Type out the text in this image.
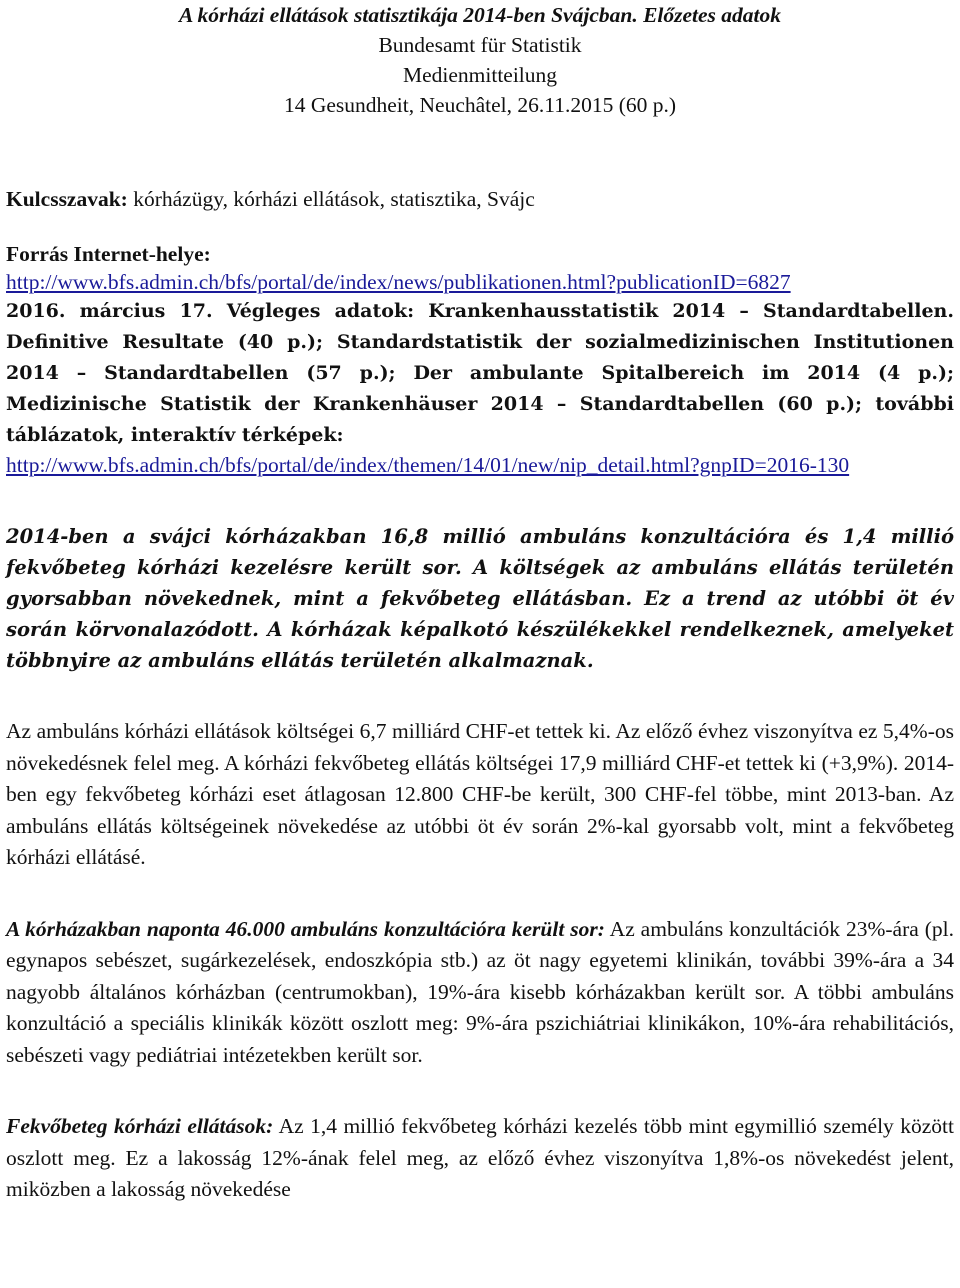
A kórházi ellátások statisztikája 2014-ben Svájcban. Előzetes adatok
Bundesamt für Statistik
Medienmitteilung
14 Gesundheit, Neuchâtel, 26.11.2015 (60 p.)
Kulcsszavak: kórházügy, kórházi ellátások, statisztika, Svájc
Forrás Internet-helye:
http://www.bfs.admin.ch/bfs/portal/de/index/news/publikationen.html?publicationID=6827
2016. március 17. Végleges adatok: Krankenhausstatistik 2014 – Standardtabellen. Definitive Resultate (40 p.); Standardstatistik der sozialmedizinischen Institutionen 2014 – Standardtabellen (57 p.); Der ambulante Spitalbereich im 2014 (4 p.); Medizinische Statistik der Krankenhäuser 2014 – Standardtabellen (60 p.); további táblázatok, interaktív térképek:
http://www.bfs.admin.ch/bfs/portal/de/index/themen/14/01/new/nip_detail.html?gnpID=2016-130
2014-ben a svájci kórházakban 16,8 millió ambuláns konzultációra és 1,4 millió fekvőbeteg kórházi kezelésre került sor. A költségek az ambuláns ellátás területén gyorsabban növekednek, mint a fekvőbeteg ellátásban. Ez a trend az utóbbi öt év során körvonalazódott. A kórházak képalkotó készülékekkel rendelkeznek, amelyeket többnyire az ambuláns ellátás területén alkalmaznak.
Az ambuláns kórházi ellátások költségei 6,7 milliárd CHF-et tettek ki. Az előző évhez viszonyítva ez 5,4%-os növekedésnek felel meg. A kórházi fekvőbeteg ellátás költségei 17,9 milliárd CHF-et tettek ki (+3,9%). 2014-ben egy fekvőbeteg kórházi eset átlagosan 12.800 CHF-be került, 300 CHF-fel többe, mint 2013-ban. Az ambuláns ellátás költségeinek növekedése az utóbbi öt év során 2%-kal gyorsabb volt, mint a fekvőbeteg kórházi ellátásé.
A kórházakban naponta 46.000 ambuláns konzultációra került sor: Az ambuláns konzultációk 23%-ára (pl. egynapos sebészet, sugárkezelések, endoszkópia stb.) az öt nagy egyetemi klinikán, további 39%-ára a 34 nagyobb általános kórházban (centrumokban), 19%-ára kisebb kórházakban került sor. A többi ambuláns konzultáció a speciális klinikák között oszlott meg: 9%-ára pszichiátriai klinikákon, 10%-ára rehabilitációs, sebészeti vagy pediátriai intézetekben került sor.
Fekvőbeteg kórházi ellátások: Az 1,4 millió fekvőbeteg kórházi kezelés több mint egymillió személy között oszlott meg. Ez a lakosság 12%-ának felel meg, az előző évhez viszonyítva 1,8%-os növekedést jelent, miközben a lakosság növekedése
